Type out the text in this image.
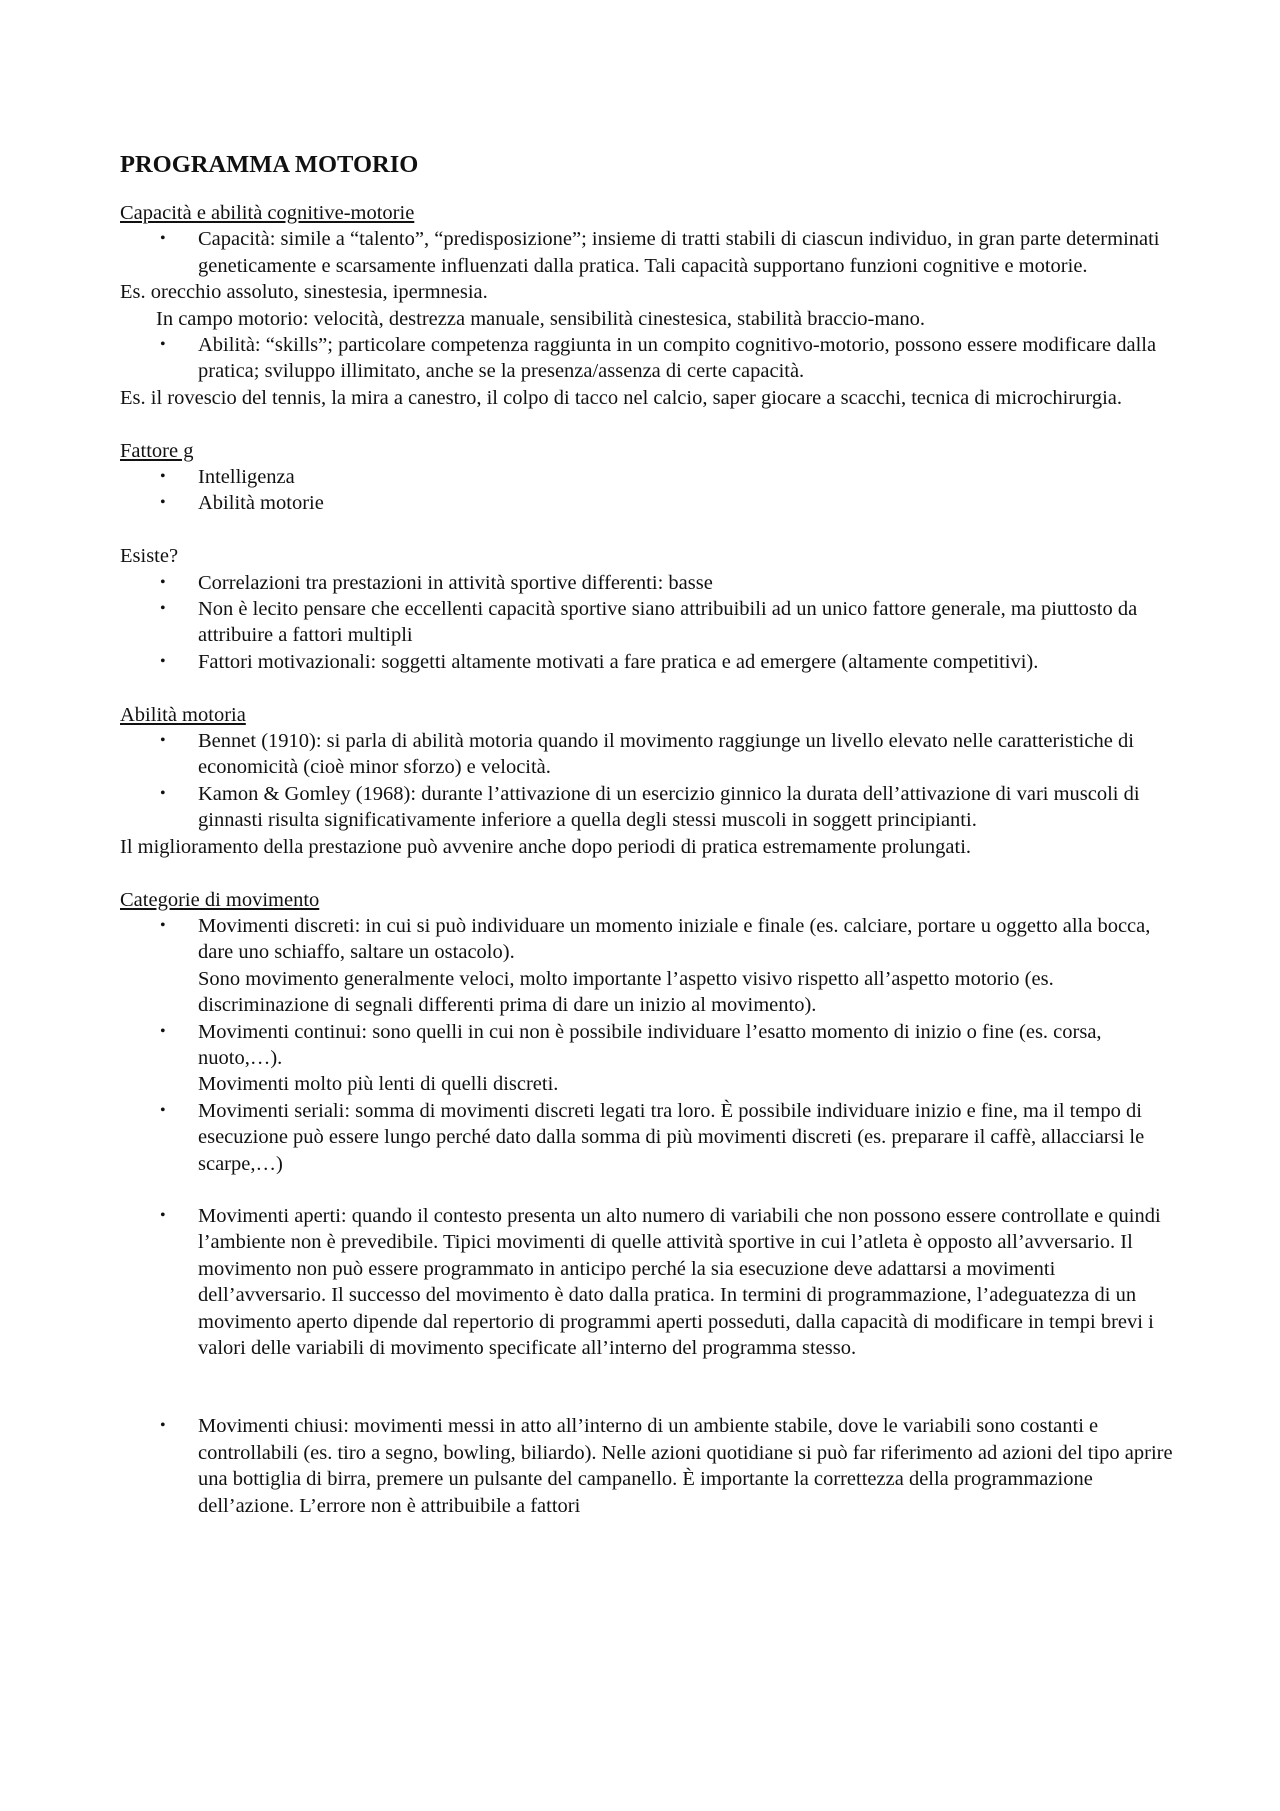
PROGRAMMA MOTORIO

Capacità e abilità cognitive-motorie

•	Capacità: simile a “talento”, “predisposizione”; insieme di tratti stabili di ciascun individuo, in gran parte determinati geneticamente e scarsamente influenzati dalla pratica. Tali capacità supportano funzioni cognitive e motorie.

Es. orecchio assoluto, sinestesia, ipermnesia.

In campo motorio: velocità, destrezza manuale, sensibilità cinestesica, stabilità braccio-mano.

•	Abilità: “skills”; particolare competenza raggiunta in un compito cognitivo-motorio, possono essere modificare dalla pratica; sviluppo illimitato, anche se la presenza/assenza di certe capacità.

Es. il rovescio del tennis, la mira a canestro, il colpo di tacco nel calcio, saper giocare a scacchi, tecnica di microchirurgia.

Fattore g

•	Intelligenza
•	Abilità motorie

Esiste?

•	Correlazioni tra prestazioni in attività sportive differenti: basse
•	Non è lecito pensare che eccellenti capacità sportive siano attribuibili ad un unico fattore generale, ma piuttosto da attribuire a fattori multipli
•	Fattori motivazionali: soggetti altamente motivati a fare pratica e ad emergere (altamente competitivi).

Abilità motoria

•	Bennet (1910): si parla di abilità motoria quando il movimento raggiunge un livello elevato nelle caratteristiche di economicità (cioè minor sforzo) e velocità.
•	Kamon & Gomley (1968): durante l’attivazione di un esercizio ginnico la durata dell’attivazione di vari muscoli di ginnasti risulta significativamente inferiore a quella degli stessi muscoli in soggett principianti.

Il miglioramento della prestazione può avvenire anche dopo periodi di pratica estremamente prolungati.

Categorie di movimento

•	Movimenti discreti: in cui si può individuare un momento iniziale e finale (es. calciare, portare u oggetto alla bocca, dare uno schiaffo, saltare un ostacolo).
Sono movimento generalmente veloci, molto importante l’aspetto visivo rispetto all’aspetto motorio (es. discriminazione di segnali differenti prima di dare un inizio al movimento).
•	Movimenti continui: sono quelli in cui non è possibile individuare l’esatto momento di inizio o fine (es. corsa, nuoto,…).
Movimenti molto più lenti di quelli discreti.
•	Movimenti seriali: somma di movimenti discreti legati tra loro. È possibile individuare inizio e fine, ma il tempo di esecuzione può essere lungo perché dato dalla somma di più movimenti discreti (es. preparare il caffè, allacciarsi le scarpe,…)
•	Movimenti aperti: quando il contesto presenta un alto numero di variabili che non possono essere controllate e quindi l’ambiente non è prevedibile. Tipici movimenti di quelle attività sportive in cui l’atleta è opposto all’avversario. Il movimento non può essere programmato in anticipo perché la sia esecuzione deve adattarsi a movimenti dell’avversario. Il successo del movimento è dato dalla pratica. In termini di programmazione, l’adeguatezza di un movimento aperto dipende dal repertorio di programmi aperti posseduti, dalla capacità di modificare in tempi brevi i valori delle variabili di movimento specificate all’interno del programma stesso.
•	Movimenti chiusi: movimenti messi in atto all’interno di un ambiente stabile, dove le variabili sono costanti e controllabili (es. tiro a segno, bowling, biliardo). Nelle azioni quotidiane si può far riferimento ad azioni del tipo aprire una bottiglia di birra, premere un pulsante del campanello. È importante la correttezza della programmazione dell’azione. L’errore non è attribuibile a fattori
